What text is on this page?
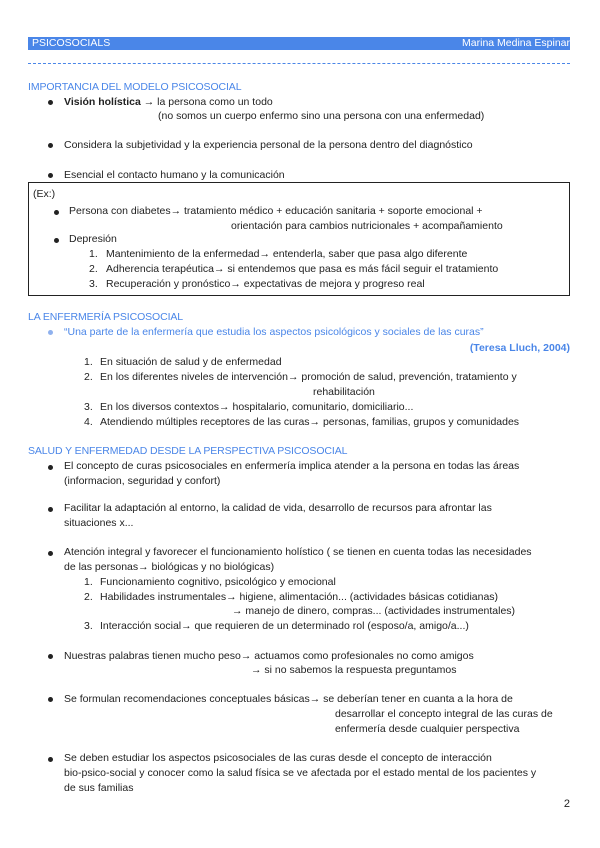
PSICOSOCIALS	Marina Medina Espinar
IMPORTANCIA DEL MODELO PSICOSOCIAL
Visión holística → la persona como un todo
(no somos un cuerpo enfermo sino una persona con una enfermedad)
Considera la subjetividad y la experiencia personal de la persona dentro del diagnóstico
Esencial el contacto humano y la comunicación
(Ex:)
Persona con diabetes→ tratamiento médico + educación sanitaria + soporte emocional +
orientación para cambios nutricionales + acompañamiento
Depresión
1. Mantenimiento de la enfermedad→ entenderla, saber que pasa algo diferente
2. Adherencia terapéutica→ si entendemos que pasa es más fácil seguir el tratamiento
3. Recuperación y pronóstico→ expectativas de mejora y progreso real
LA ENFERMERÍA PSICOSOCIAL
“Una parte de la enfermería que estudia los aspectos psicológicos y sociales de las curas”
(Teresa Lluch, 2004)
1. En situación de salud y de enfermedad
2. En los diferentes niveles de intervención→ promoción de salud, prevención, tratamiento y
rehabilitación
3. En los diversos contextos→ hospitalario, comunitario, domiciliario...
4. Atendiendo múltiples receptores de las curas→ personas, familias, grupos y comunidades
SALUD Y ENFERMEDAD DESDE LA PERSPECTIVA PSICOSOCIAL
El concepto de curas psicosociales en enfermería implica atender a la persona en todas las áreas
(informacion, seguridad y confort)
Facilitar la adaptación al entorno, la calidad de vida, desarrollo de recursos para afrontar las
situaciones x...
Atención integral y favorecer el funcionamiento holístico ( se tienen en cuenta todas las necesidades
de las personas→ biológicas y no biológicas)
1. Funcionamiento cognitivo, psicológico y emocional
2. Habilidades instrumentales→ higiene, alimentación... (actividades básicas cotidianas)
→ manejo de dinero, compras... (actividades instrumentales)
3. Interacción social→ que requieren de un determinado rol (esposo/a, amigo/a...)
Nuestras palabras tienen mucho peso→ actuamos como profesionales no como amigos
→ si no sabemos la respuesta preguntamos
Se formulan recomendaciones conceptuales básicas→ se deberían tener en cuanta a la hora de
desarrollar el concepto integral de las curas de
enfermería desde cualquier perspectiva
Se deben estudiar los aspectos psicosociales de las curas desde el concepto de interacción
bio-psico-social y conocer como la salud física se ve afectada por el estado mental de los pacientes y
de sus familias
2
